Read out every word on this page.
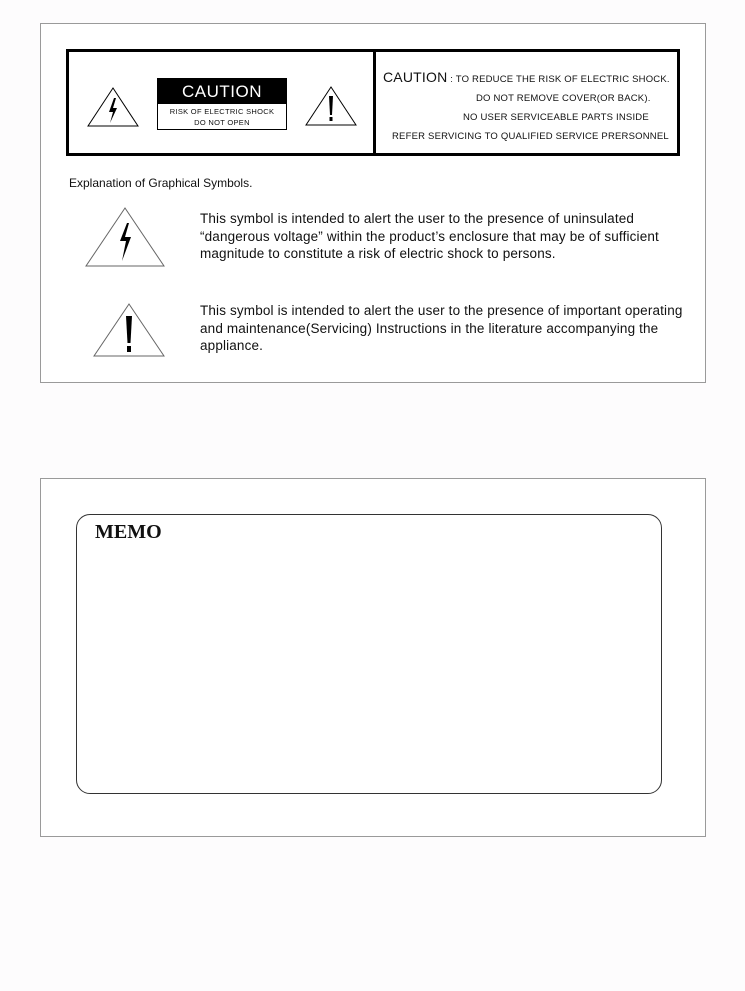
CAUTION
RISK OF ELECTRIC SHOCK
DO NOT OPEN
CAUTION : TO REDUCE THE RISK OF ELECTRIC SHOCK.
DO NOT REMOVE COVER(OR BACK).
NO USER SERVICEABLE PARTS INSIDE
REFER SERVICING TO QUALIFIED SERVICE PRERSONNEL
Explanation of Graphical Symbols.
This symbol is intended to alert the user to the presence of uninsulated “dangerous voltage” within the product’s enclosure that may be of sufficient magnitude to constitute a risk of electric shock to persons.
This symbol is intended to alert the user to the presence of important operating and maintenance(Servicing) Instructions in the literature accompanying the appliance.
MEMO
